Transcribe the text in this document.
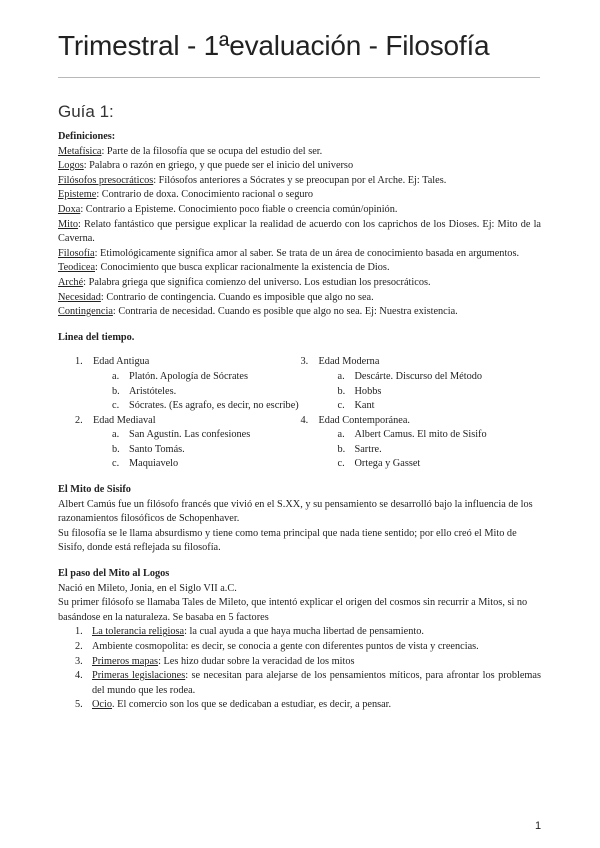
Trimestral - 1ªevaluación - Filosofía
Guía 1:

Definiciones:

Metafísica: Parte de la filosofía que se ocupa del estudio del ser.

Logos: Palabra o razón en griego, y que puede ser el inicio del universo

Filósofos presocráticos: Filósofos anteriores a Sócrates y se preocupan por el Arche. Ej: Tales.

Episteme: Contrario de doxa. Conocimiento racional o seguro

Doxa: Contrario a Episteme. Conocimiento poco fiable o creencia común/opinión.

Mito: Relato fantástico que persigue explicar la realidad de acuerdo con los caprichos de los Dioses. Ej: Mito de la Caverna.

Filosofía: Etimológicamente significa amor al saber. Se trata de un área de conocimiento basada en argumentos.

Teodicea: Conocimiento que busca explicar racionalmente la existencia de Dios.

Arché: Palabra griega que significa comienzo del universo. Los estudian los presocráticos.

Necesidad: Contrario de contingencia. Cuando es imposible que algo no sea.

Contingencia: Contraria de necesidad. Cuando es posible que algo no sea. Ej: Nuestra existencia.

Linea del tiempo.

1. Edad Antigua
a. Platón. Apología de Sócrates
b. Aristóteles.
c. Sócrates. (Es agrafo, es decir, no escribe)
2. Edad Mediaval
a. San Agustín. Las confesiones
b. Santo Tomás.
c. Maquiavelo
3. Edad Moderna
a. Descárte. Discurso del Método
b. Hobbs
c. Kant
4. Edad Contemporánea.
a. Albert Camus. El mito de Sisifo
b. Sartre.
c. Ortega y Gasset

El Mito de Sisifo

Albert Camús fue un filósofo francés que vivió en el S.XX, y su pensamiento se desarrolló bajo la influencia de los razonamientos filosóficos de Schopenhaver.

Su filosofía se le llama absurdismo y tiene como tema principal que nada tiene sentido; por ello creó el Mito de Sisifo, donde está reflejada su filosofía.

El paso del Mito al Logos

Nació en Mileto, Jonia, en el Siglo VII a.C.

Su primer filósofo se llamaba Tales de Mileto, que intentó explicar el origen del cosmos sin recurrir a Mitos, si no basándose en la naturaleza. Se basaba en 5 factores

1. La tolerancia religiosa: la cual ayuda a que haya mucha libertad de pensamiento.
2. Ambiente cosmopolita: es decir, se conocia a gente con diferentes puntos de vista y creencias.
3. Primeros mapas: Les hizo dudar sobre la veracidad de los mitos
4. Primeras legislaciones: se necesitan para alejarse de los pensamientos míticos, para afrontar los problemas del mundo que les rodea.
5. Ocio. El comercio son los que se dedicaban a estudiar, es decir, a pensar.
1
